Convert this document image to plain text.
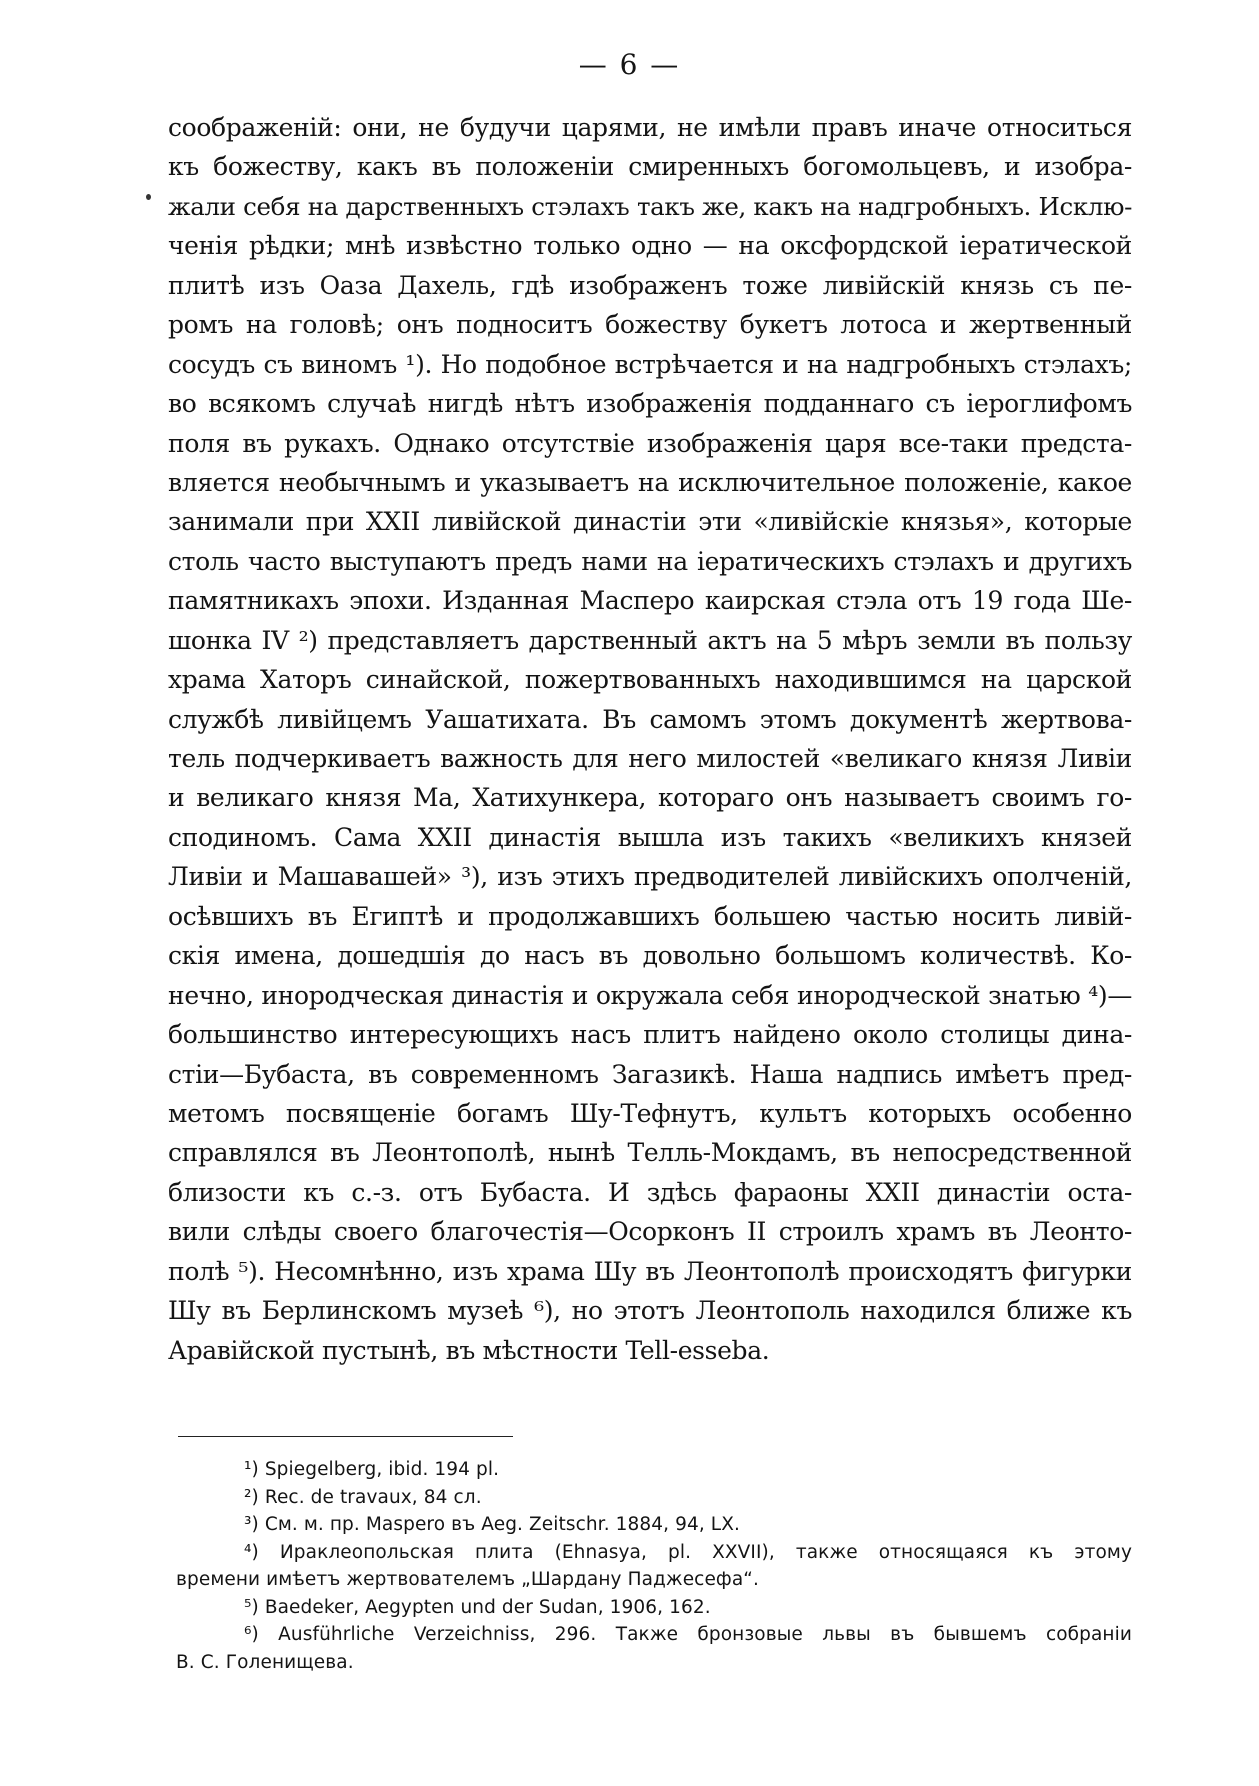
— 6 —
соображеній: они, не будучи царями, не имѣли правъ иначе относиться
къ божеству, какъ въ положеніи смиренныхъ богомольцевъ, и изобра-
жали себя на дарственныхъ стэлахъ такъ же, какъ на надгробныхъ. Исклю-
ченія рѣдки; мнѣ извѣстно только одно — на оксфордской іератической
плитѣ изъ Оаза Дахель, гдѣ изображенъ тоже ливійскій князь съ пе-
ромъ на головѣ; онъ подноситъ божеству букетъ лотоса и жертвенный
сосудъ съ виномъ ¹). Но подобное встрѣчается и на надгробныхъ стэлахъ;
во всякомъ случаѣ нигдѣ нѣтъ изображенія подданнаго съ іероглифомъ
поля въ рукахъ. Однако отсутствіе изображенія царя все-таки предста-
вляется необычнымъ и указываетъ на исключительное положеніе, какое
занимали при XXII ливійской династіи эти «ливійскіе князья», которые
столь часто выступаютъ предъ нами на іератическихъ стэлахъ и другихъ
памятникахъ эпохи. Изданная Масперо каирская стэла отъ 19 года Ше-
шонка IV ²) представляетъ дарственный актъ на 5 мѣръ земли въ пользу
храма Хаторъ синайской, пожертвованныхъ находившимся на царской
службѣ ливійцемъ Уашатихата. Въ самомъ этомъ документѣ жертвова-
тель подчеркиваетъ важность для него милостей «великаго князя Ливіи
и великаго князя Ма, Хатихункера, котораго онъ называетъ своимъ го-
сподиномъ. Сама XXII династія вышла изъ такихъ «великихъ князей
Ливіи и Машавашей» ³), изъ этихъ предводителей ливійскихъ ополченій,
осѣвшихъ въ Египтѣ и продолжавшихъ большею частью носить ливій-
скія имена, дошедшія до насъ въ довольно большомъ количествѣ. Ко-
нечно, инородческая династія и окружала себя инородческой знатью ⁴)—
большинство интересующихъ насъ плитъ найдено около столицы дина-
стіи—Бубаста, въ современномъ Загазикѣ. Наша надпись имѣетъ пред-
метомъ посвященіе богамъ Шу-Тефнутъ, культъ которыхъ особенно
справлялся въ Леонтополѣ, нынѣ Телль-Мокдамъ, въ непосредственной
близости къ с.-з. отъ Бубаста. И здѣсь фараоны XXII династіи оста-
вили слѣды своего благочестія—Осорконъ II строилъ храмъ въ Леонто-
полѣ ⁵). Несомнѣнно, изъ храма Шу въ Леонтополѣ происходятъ фигурки
Шу въ Берлинскомъ музеѣ ⁶), но этотъ Леонтополь находился ближе къ
Аравійской пустынѣ, въ мѣстности Tell-esseba.
¹) Spiegelberg, ibid. 194 pl.
²) Rec. de travaux, 84 сл.
³) См. м. пр. Maspero въ Aeg. Zeitschr. 1884, 94, LX.
⁴) Ираклеопольская плита (Ehnasya, pl. XXVII), также относящаяся къ этому
времени имѣетъ жертвователемъ „Шардану Паджесефа“.
⁵) Baedeker, Aegypten und der Sudan, 1906, 162.
⁶) Ausführliche Verzeichniss, 296. Также бронзовые львы въ бывшемъ собраніи
В. С. Голенищева.
